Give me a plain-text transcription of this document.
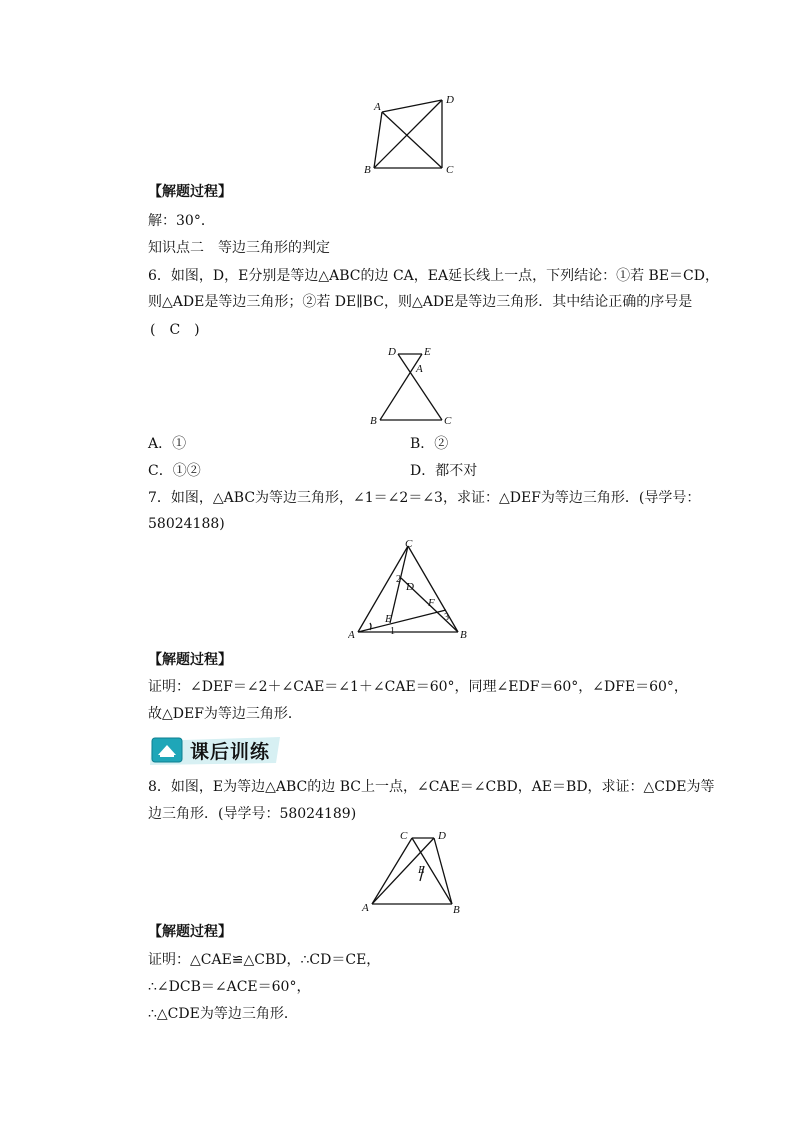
A
D
B	C
【解题过程】
解：30°．
知识点二　等边三角形的判定
6．如图，D，E分别是等边△ABC的边 CA，EA延长线上一点，下列结论：①若 BE＝CD，
则△ADE是等边三角形；②若 DE∥BC，则△ADE是等边三角形．其中结论正确的序号是
(　C　)
D	E
A
B	C
A．①	B．②
C．①②	D．都不对
7．如图，△ABC为等边三角形，∠1＝∠2＝∠3，求证：△DEF为等边三角形．(导学号：
58024188)
C
D
F
E
A	B
1
2
3
【解题过程】
证明：∠DEF＝∠2＋∠CAE＝∠1＋∠CAE＝60°，同理∠EDF＝60°，∠DFE＝60°，
故△DEF为等边三角形．
课后训练
8．如图，E为等边△ABC的边 BC上一点，∠CAE＝∠CBD，AE＝BD，求证：△CDE为等
边三角形．(导学号：58024189)
C	D
E
A	B
【解题过程】
证明：△CAE≌△CBD，∴CD＝CE，
∴∠DCB＝∠ACE＝60°，
∴△CDE为等边三角形．
